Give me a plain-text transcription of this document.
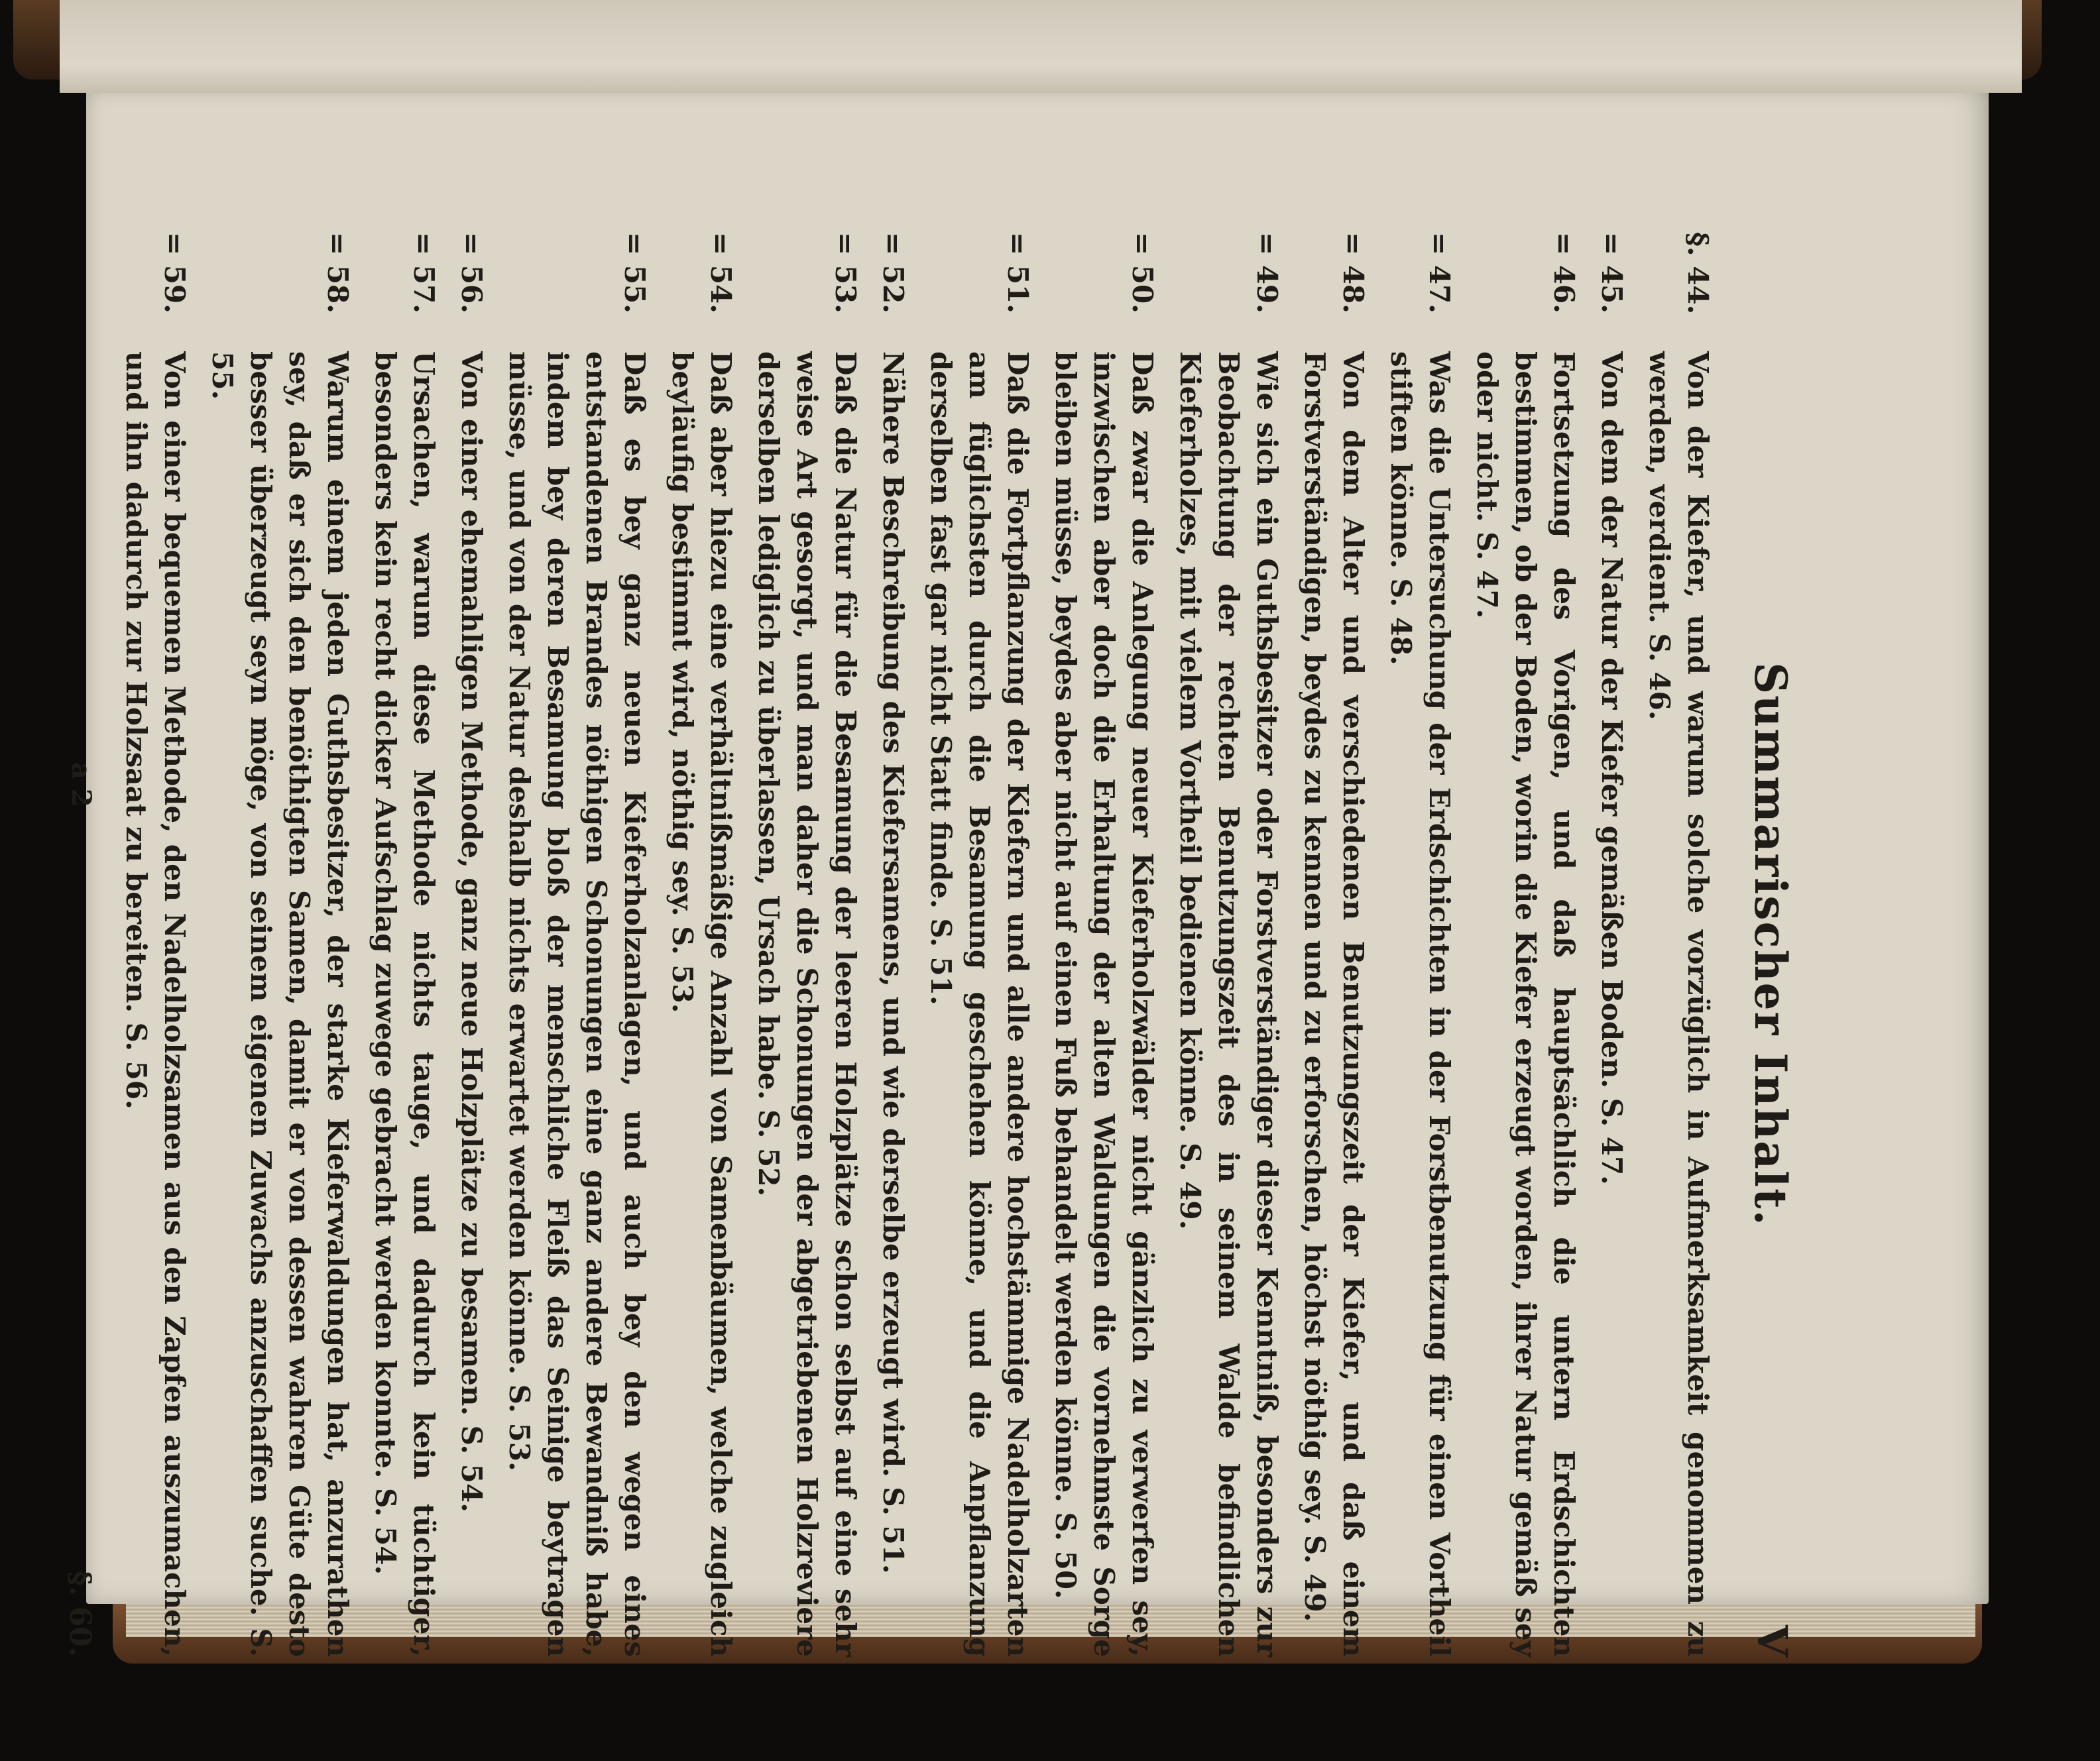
Summarischer Inhalt.
V
§. 44.
Von der Kiefer, und warum solche vorzüglich in Aufmerksamkeit genommen zu werden, verdient. S. 46.
= 45.
Von dem der Natur der Kiefer gemäßen Boden. S. 47.
= 46.
Fortsetzung des Vorigen, und daß hauptsächlich die untern Erdschichten bestimmen, ob der Boden, worin die Kiefer erzeugt worden, ihrer Natur gemäß sey oder nicht. S. 47.
= 47.
Was die Untersuchung der Erdschichten in der Forstbenutzung für einen Vortheil stiften könne. S. 48.
= 48.
Von dem Alter und verschiedenen Benutzungszeit der Kiefer, und daß einem Forstverständigen, beydes zu kennen und zu erforschen, höchst nöthig sey. S. 49.
= 49.
Wie sich ein Guthsbesitzer oder Forstverständiger dieser Kenntniß, besonders zur Beobachtung der rechten Benutzungszeit des in seinem Walde befindlichen Kieferholzes, mit vielem Vortheil bedienen könne. S. 49.
= 50.
Daß zwar die Anlegung neuer Kieferholzwälder nicht gänzlich zu verwerfen sey, inzwischen aber doch die Erhaltung der alten Waldungen die vornehmste Sorge bleiben müsse, beydes aber nicht auf einen Fuß behandelt werden könne. S. 50.
= 51.
Daß die Fortpflanzung der Kiefern und alle andere hochstämmige Nadelholzarten am füglichsten durch die Besamung geschehen könne, und die Anpflanzung derselben fast gar nicht Statt finde. S. 51.
= 52.
Nähere Beschreibung des Kiefersamens, und wie derselbe erzeugt wird. S. 51.
= 53.
Daß die Natur für die Besamung der leeren Holzplätze schon selbst auf eine sehr weise Art gesorgt, und man daher die Schonungen der abgetriebenen Holzreviere derselben lediglich zu überlassen, Ursach habe. S. 52.
= 54.
Daß aber hiezu eine verhältnißmäßige Anzahl von Samenbäumen, welche zugleich beyläufig bestimmt wird, nöthig sey. S. 53.
= 55.
Daß es bey ganz neuen Kieferholzanlagen, und auch bey den wegen eines entstandenen Brandes nöthigen Schonungen eine ganz andere Bewandniß habe, indem bey deren Besamung bloß der menschliche Fleiß das Seinige beytragen müsse, und von der Natur deshalb nichts erwartet werden könne. S. 53.
= 56.
Von einer ehemahligen Methode, ganz neue Holzplätze zu besamen. S. 54.
= 57.
Ursachen, warum diese Methode nichts tauge, und dadurch kein tüchtiger, besonders kein recht dicker Aufschlag zuwege gebracht werden konnte. S. 54.
= 58.
Warum einem jeden Guthsbesitzer, der starke Kieferwaldungen hat, anzurathen sey, daß er sich den benöthigten Samen, damit er von dessen wahren Güte desto besser überzeugt seyn möge, von seinem eigenen Zuwachs anzuschaffen suche. S. 55.
= 59.
Von einer bequemen Methode, den Nadelholzsamen aus den Zapfen auszumachen, und ihn dadurch zur Holzsaat zu bereiten. S. 56.
a 2
§. 60.
